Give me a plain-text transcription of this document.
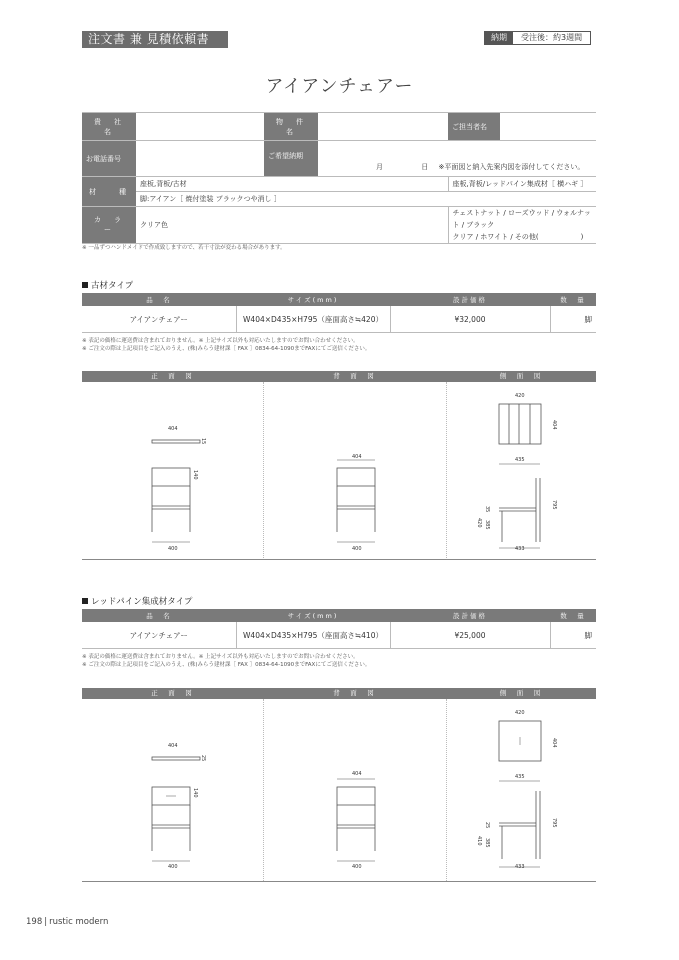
注文書 兼 見積依頼書	納期	受注後：約3週間
アイアンチェアー
貴　社　名		物　件　名		ご担当者名	
お電話番号		ご希望納期	月 日 ※平面図と納入先案内図を添付してください。		
材　　種	座板,背板/古材			座板,背板/レッドパイン集成材［ 横ハギ ］	
	脚:アイアン［ 焼付塗装 ブラックつや消し ］				
カ　ラ　ー	クリア色			チェストナット / ローズウッド / ウォルナット / ブラック
クリア / ホワイト / その他(　　　　　　)	
※ 一品ずつハンドメイドで作成致しますので、若干寸法が変わる場合があります。
古材タイプ
品　名	サイズ(mm)	設計価格	数　量
アイアンチェアー	W404×D435×H795（座面高さ≒420）	¥32,000	脚
※ 表記の価格に運送費は含まれておりません。※ 上記サイズ以外も対応いたしますのでお問い合わせください。
※ ご注文の際は上記項目をご記入のうえ、(株)みらう建材課［ FAX ］0834-64-1090までFAXにてご送信ください。
正　面　図	背　面　図	側　面　図
404
15
140
400
404
400
420
404
435
795
420
35
385
433
レッドパイン集成材タイプ
品　名	サイズ(mm)	設計価格	数　量
アイアンチェアー	W404×D435×H795（座面高さ≒410）	¥25,000	脚
※ 表記の価格に運送費は含まれておりません。※ 上記サイズ以外も対応いたしますのでお問い合わせください。
※ ご注文の際は上記項目をご記入のうえ、(株)みらう建材課［ FAX ］0834-64-1090までFAXにてご送信ください。
正　面　図	背　面　図	側　面　図
404
25
140
400
404
400
420
404
435
795
410
25
385
433
198 | rustic modern
